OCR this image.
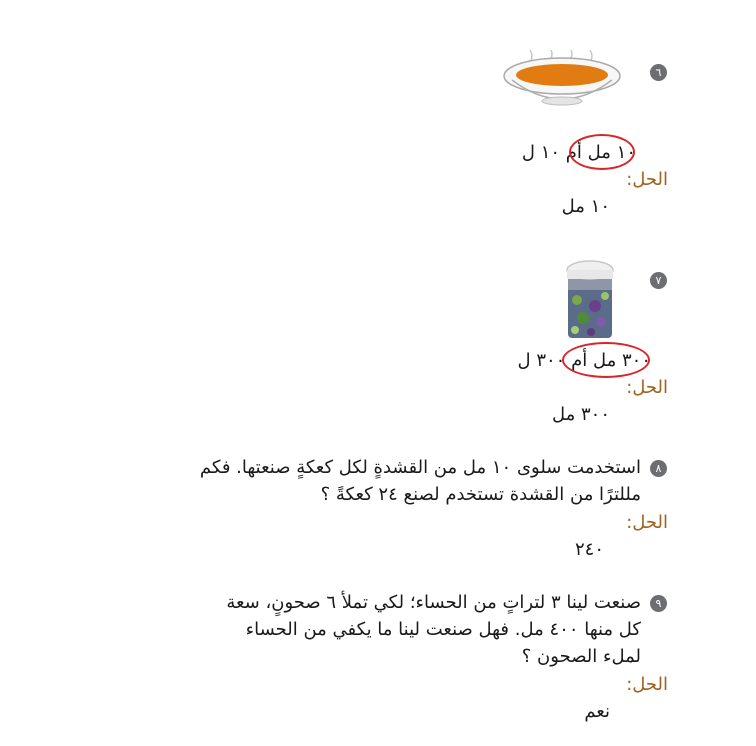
٦
١٠ مل أم ١٠ ل
الحل:
١٠ مل
٧
٣٠٠ مل أم ٣٠٠ ل
الحل:
٣٠٠ مل
٨
استخدمت سلوى ١٠ مل من القشدةٍ لكل كعكةٍ صنعتها. فكم
مللترًا من القشدة تستخدم لصنع ٢٤ كعكةً ؟
الحل:
٢٤٠
٩
صنعت لينا ٣ لتراتٍ من الحساء؛ لكي تملأ ٦ صحونٍ، سعة
كل منها ٤٠٠ مل. فهل صنعت لينا ما يكفي من الحساء
لملء الصحون ؟
الحل:
نعم
